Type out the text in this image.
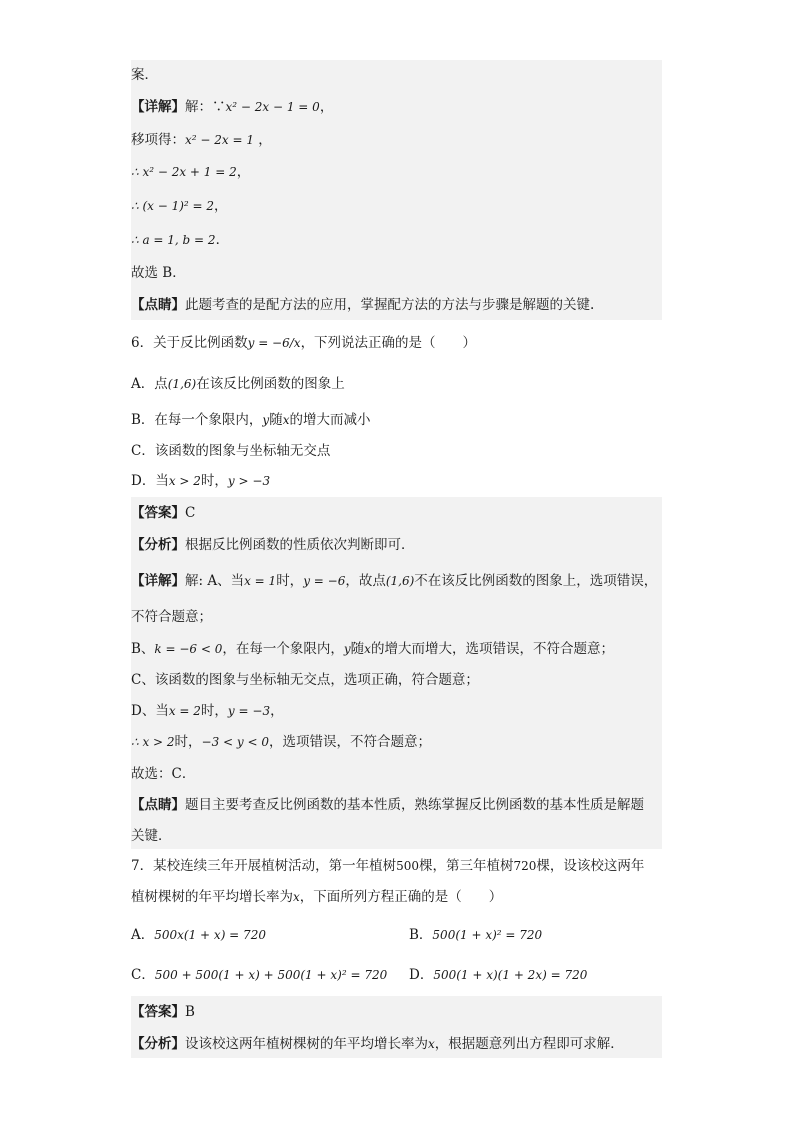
案．
【详解】解：∵x² − 2x − 1 = 0，
移项得：x² − 2x = 1 ，
∴ x² − 2x + 1 = 2，
∴ (x − 1)² = 2，
∴ a = 1, b = 2．
故选 B．
【点睛】此题考查的是配方法的应用，掌握配方法的方法与步骤是解题的关键.
6．关于反比例函数y = −6/x，下列说法正确的是（　　）
A．点(1,6)在该反比例函数的图象上
B．在每一个象限内，y随x的增大而减小
C．该函数的图象与坐标轴无交点
D．当x > 2时，y > −3
【答案】C
【分析】根据反比例函数的性质依次判断即可．
【详解】解: A、当x = 1时，y = −6，故点(1,6)不在该反比例函数的图象上，选项错误，
不符合题意；
B、k = −6 < 0，在每一个象限内，y随x的增大而增大，选项错误，不符合题意；
C、该函数的图象与坐标轴无交点，选项正确，符合题意；
D、当x = 2时，y = −3，
∴ x > 2时，−3 < y < 0，选项错误，不符合题意；
故选：C．
【点睛】题目主要考查反比例函数的基本性质，熟练掌握反比例函数的基本性质是解题
关键．
7．某校连续三年开展植树活动，第一年植树500棵，第三年植树720棵，设该校这两年
植树棵树的年平均增长率为x，下面所列方程正确的是（　　）
A．500x(1 + x) = 720	B．500(1 + x)² = 720
C．500 + 500(1 + x) + 500(1 + x)² = 720	D．500(1 + x)(1 + 2x) = 720
【答案】B
【分析】设该校这两年植树棵树的年平均增长率为x，根据题意列出方程即可求解．
